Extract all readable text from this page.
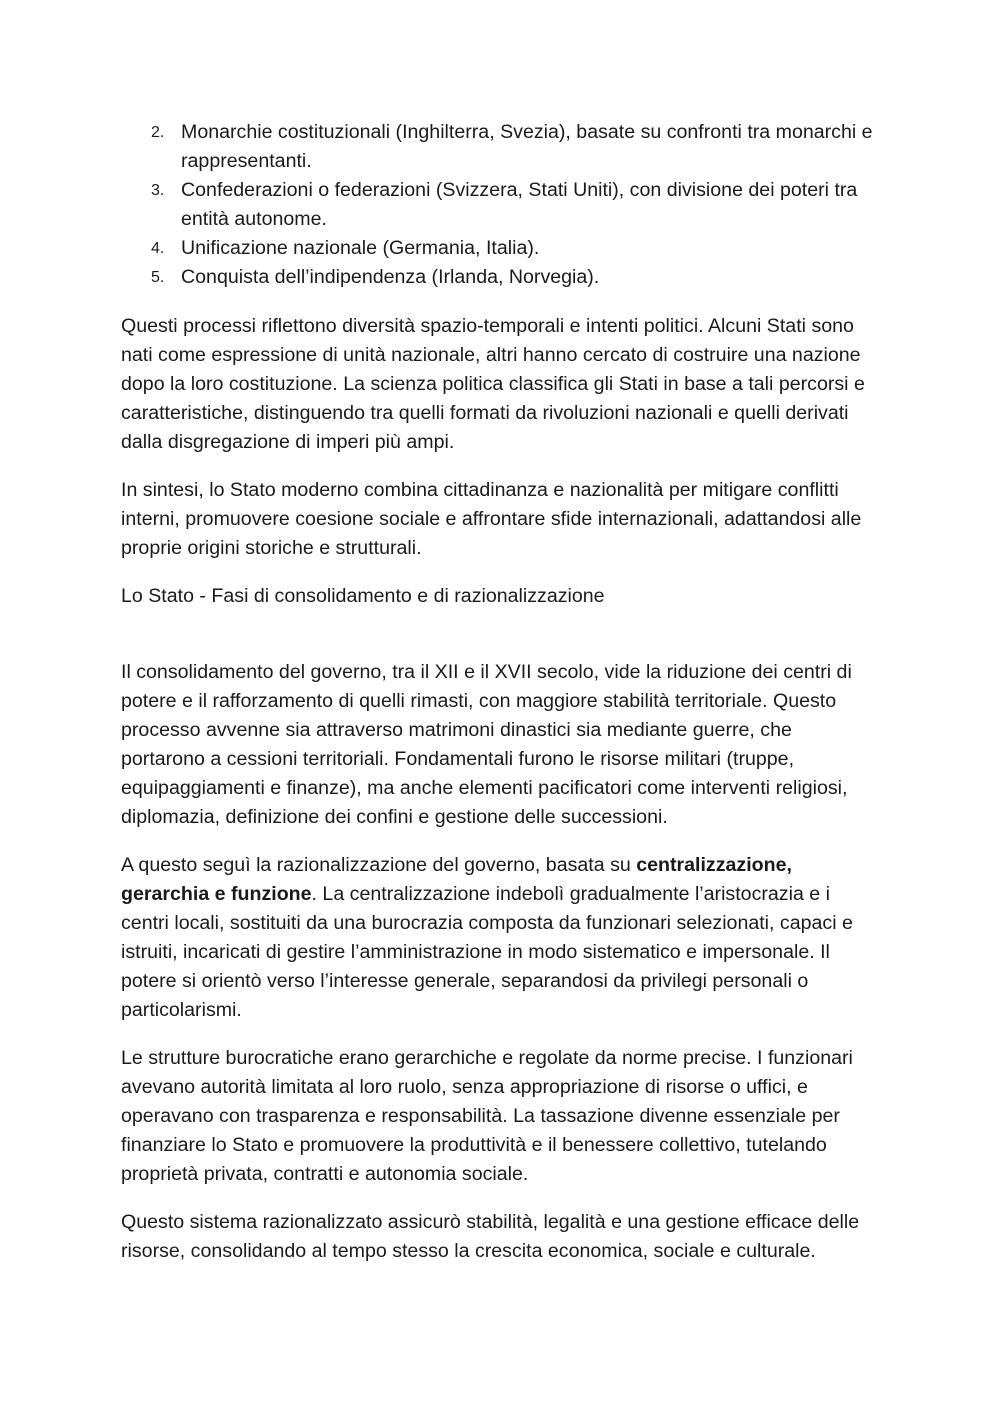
2. Monarchie costituzionali (Inghilterra, Svezia), basate su confronti tra monarchi e rappresentanti.
3. Confederazioni o federazioni (Svizzera, Stati Uniti), con divisione dei poteri tra entità autonome.
4. Unificazione nazionale (Germania, Italia).
5. Conquista dell’indipendenza (Irlanda, Norvegia).

Questi processi riflettono diversità spazio-temporali e intenti politici. Alcuni Stati sono nati come espressione di unità nazionale, altri hanno cercato di costruire una nazione dopo la loro costituzione. La scienza politica classifica gli Stati in base a tali percorsi e caratteristiche, distinguendo tra quelli formati da rivoluzioni nazionali e quelli derivati dalla disgregazione di imperi più ampi.

In sintesi, lo Stato moderno combina cittadinanza e nazionalità per mitigare conflitti interni, promuovere coesione sociale e affrontare sfide internazionali, adattandosi alle proprie origini storiche e strutturali.

Lo Stato - Fasi di consolidamento e di razionalizzazione

Il consolidamento del governo, tra il XII e il XVII secolo, vide la riduzione dei centri di potere e il rafforzamento di quelli rimasti, con maggiore stabilità territoriale. Questo processo avvenne sia attraverso matrimoni dinastici sia mediante guerre, che portarono a cessioni territoriali. Fondamentali furono le risorse militari (truppe, equipaggiamenti e finanze), ma anche elementi pacificatori come interventi religiosi, diplomazia, definizione dei confini e gestione delle successioni.

A questo seguì la razionalizzazione del governo, basata su centralizzazione, gerarchia e funzione. La centralizzazione indebolì gradualmente l’aristocrazia e i centri locali, sostituiti da una burocrazia composta da funzionari selezionati, capaci e istruiti, incaricati di gestire l’amministrazione in modo sistematico e impersonale. Il potere si orientò verso l’interesse generale, separandosi da privilegi personali o particolarismi.

Le strutture burocratiche erano gerarchiche e regolate da norme precise. I funzionari avevano autorità limitata al loro ruolo, senza appropriazione di risorse o uffici, e operavano con trasparenza e responsabilità. La tassazione divenne essenziale per finanziare lo Stato e promuovere la produttività e il benessere collettivo, tutelando proprietà privata, contratti e autonomia sociale.

Questo sistema razionalizzato assicurò stabilità, legalità e una gestione efficace delle risorse, consolidando al tempo stesso la crescita economica, sociale e culturale.
